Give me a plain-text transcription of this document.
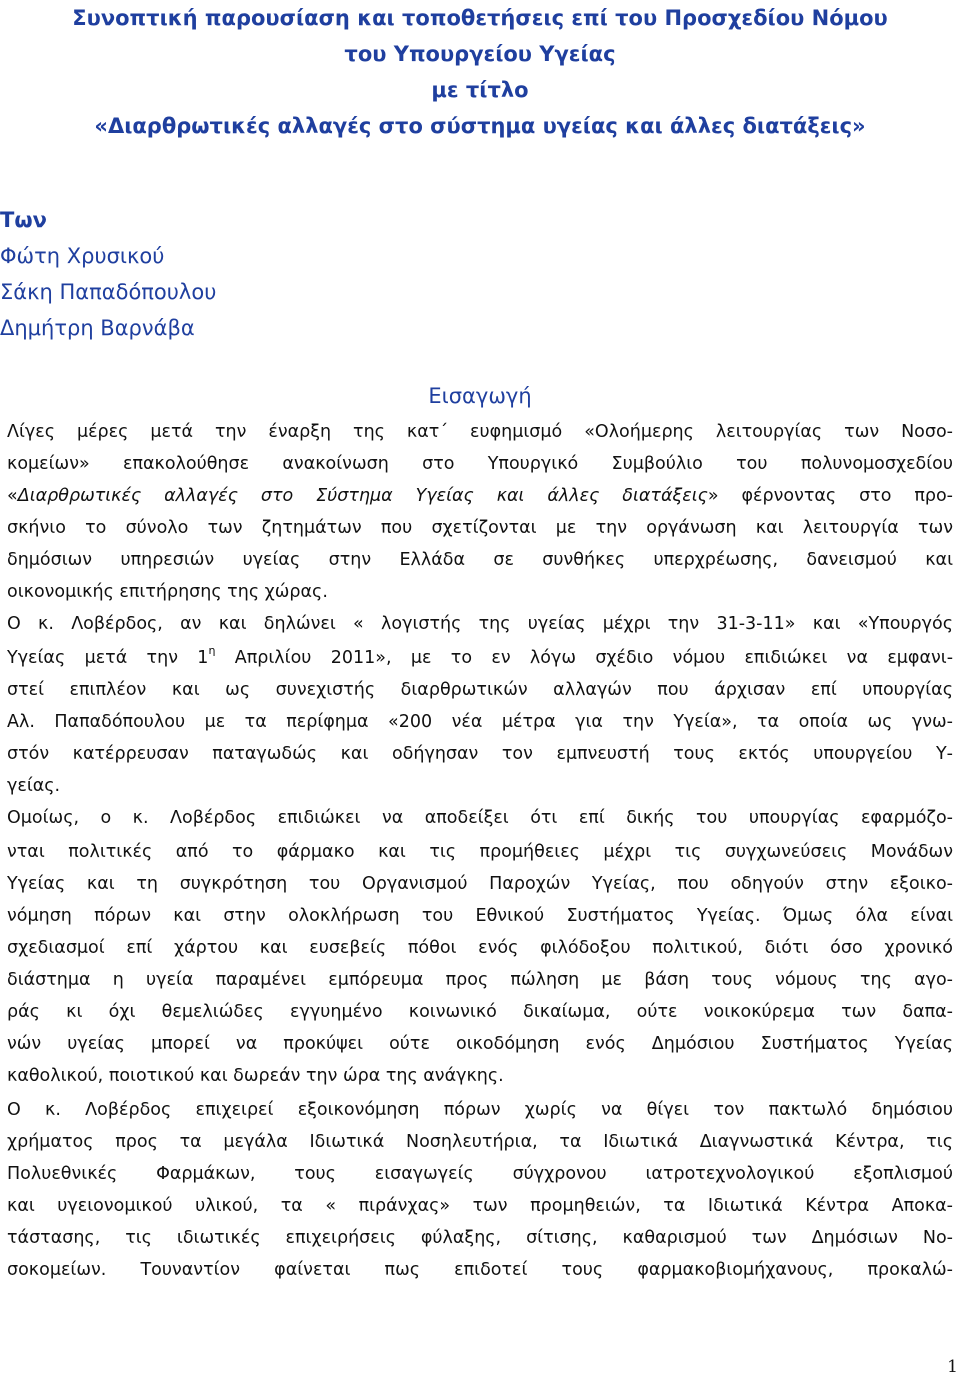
Συνοπτική παρουσίαση και τοποθετήσεις επί του Προσχεδίου Νόμου
του Υπουργείου Υγείας
με τίτλο
«Διαρθρωτικές αλλαγές στο σύστημα υγείας και άλλες διατάξεις»
Των
Φώτη Χρυσικού
Σάκη Παπαδόπουλου
Δημήτρη Βαρνάβα
Εισαγωγή
Λίγες μέρες μετά την έναρξη της κατ΄ ευφημισμό «Ολοήμερης λειτουργίας των Νοσο-
κομείων» επακολούθησε ανακοίνωση στο Υπουργικό Συμβούλιο του πολυνομοσχεδίου
«Διαρθρωτικές αλλαγές στο Σύστημα Υγείας και άλλες διατάξεις» φέρνοντας στο προ-
σκήνιο το σύνολο των ζητημάτων που σχετίζονται με την οργάνωση και λειτουργία των
δημόσιων υπηρεσιών υγείας στην Ελλάδα σε συνθήκες υπερχρέωσης, δανεισμού και
οικονομικής επιτήρησης της χώρας.
Ο κ. Λοβέρδος, αν και δηλώνει « λογιστής της υγείας μέχρι την 31-3-11» και «Υπουργός
Υγείας μετά την $1^\eta$ Απριλίου 2011», με το εν λόγω σχέδιο νόμου επιδιώκει να εμφανι-
στεί επιπλέον και ως συνεχιστής διαρθρωτικών αλλαγών που άρχισαν επί υπουργίας
Αλ. Παπαδόπουλου με τα περίφημα «200 νέα μέτρα για την Υγεία», τα οποία ως γνω-
στόν κατέρρευσαν παταγωδώς και οδήγησαν τον εμπνευστή τους εκτός υπουργείου Υ-
γείας.
Ομοίως, ο κ. Λοβέρδος επιδιώκει να αποδείξει ότι επί δικής του υπουργίας εφαρμόζο-
νται πολιτικές από το φάρμακο και τις προμήθειες μέχρι τις συγχωνεύσεις Μονάδων
Υγείας και τη συγκρότηση του Οργανισμού Παροχών Υγείας, που οδηγούν στην εξοικο-
νόμηση πόρων και στην ολοκλήρωση του Εθνικού Συστήματος Υγείας. Όμως όλα είναι
σχεδιασμοί επί χάρτου και ευσεβείς πόθοι ενός φιλόδοξου πολιτικού, διότι όσο χρονικό
διάστημα η υγεία παραμένει εμπόρευμα προς πώληση με βάση τους νόμους της αγο-
ράς κι όχι θεμελιώδες εγγυημένο κοινωνικό δικαίωμα, ούτε νοικοκύρεμα των δαπα-
νών υγείας μπορεί να προκύψει ούτε οικοδόμηση ενός Δημόσιου Συστήματος Υγείας
καθολικού, ποιοτικού και δωρεάν την ώρα της ανάγκης.
Ο κ. Λοβέρδος επιχειρεί εξοικονόμηση πόρων χωρίς να θίγει τον πακτωλό δημόσιου
χρήματος προς τα μεγάλα Ιδιωτικά Νοσηλευτήρια, τα Ιδιωτικά Διαγνωστικά Κέντρα, τις
Πολυεθνικές Φαρμάκων, τους εισαγωγείς σύγχρονου ιατροτεχνολογικού εξοπλισμού
και υγειονομικού υλικού, τα « πιράνχας» των προμηθειών, τα Ιδιωτικά Κέντρα Αποκα-
τάστασης, τις ιδιωτικές επιχειρήσεις φύλαξης, σίτισης, καθαρισμού των Δημόσιων Νο-
σοκομείων. Τουναντίον φαίνεται πως επιδοτεί τους φαρμακοβιομήχανους, προκαλώ-
1
